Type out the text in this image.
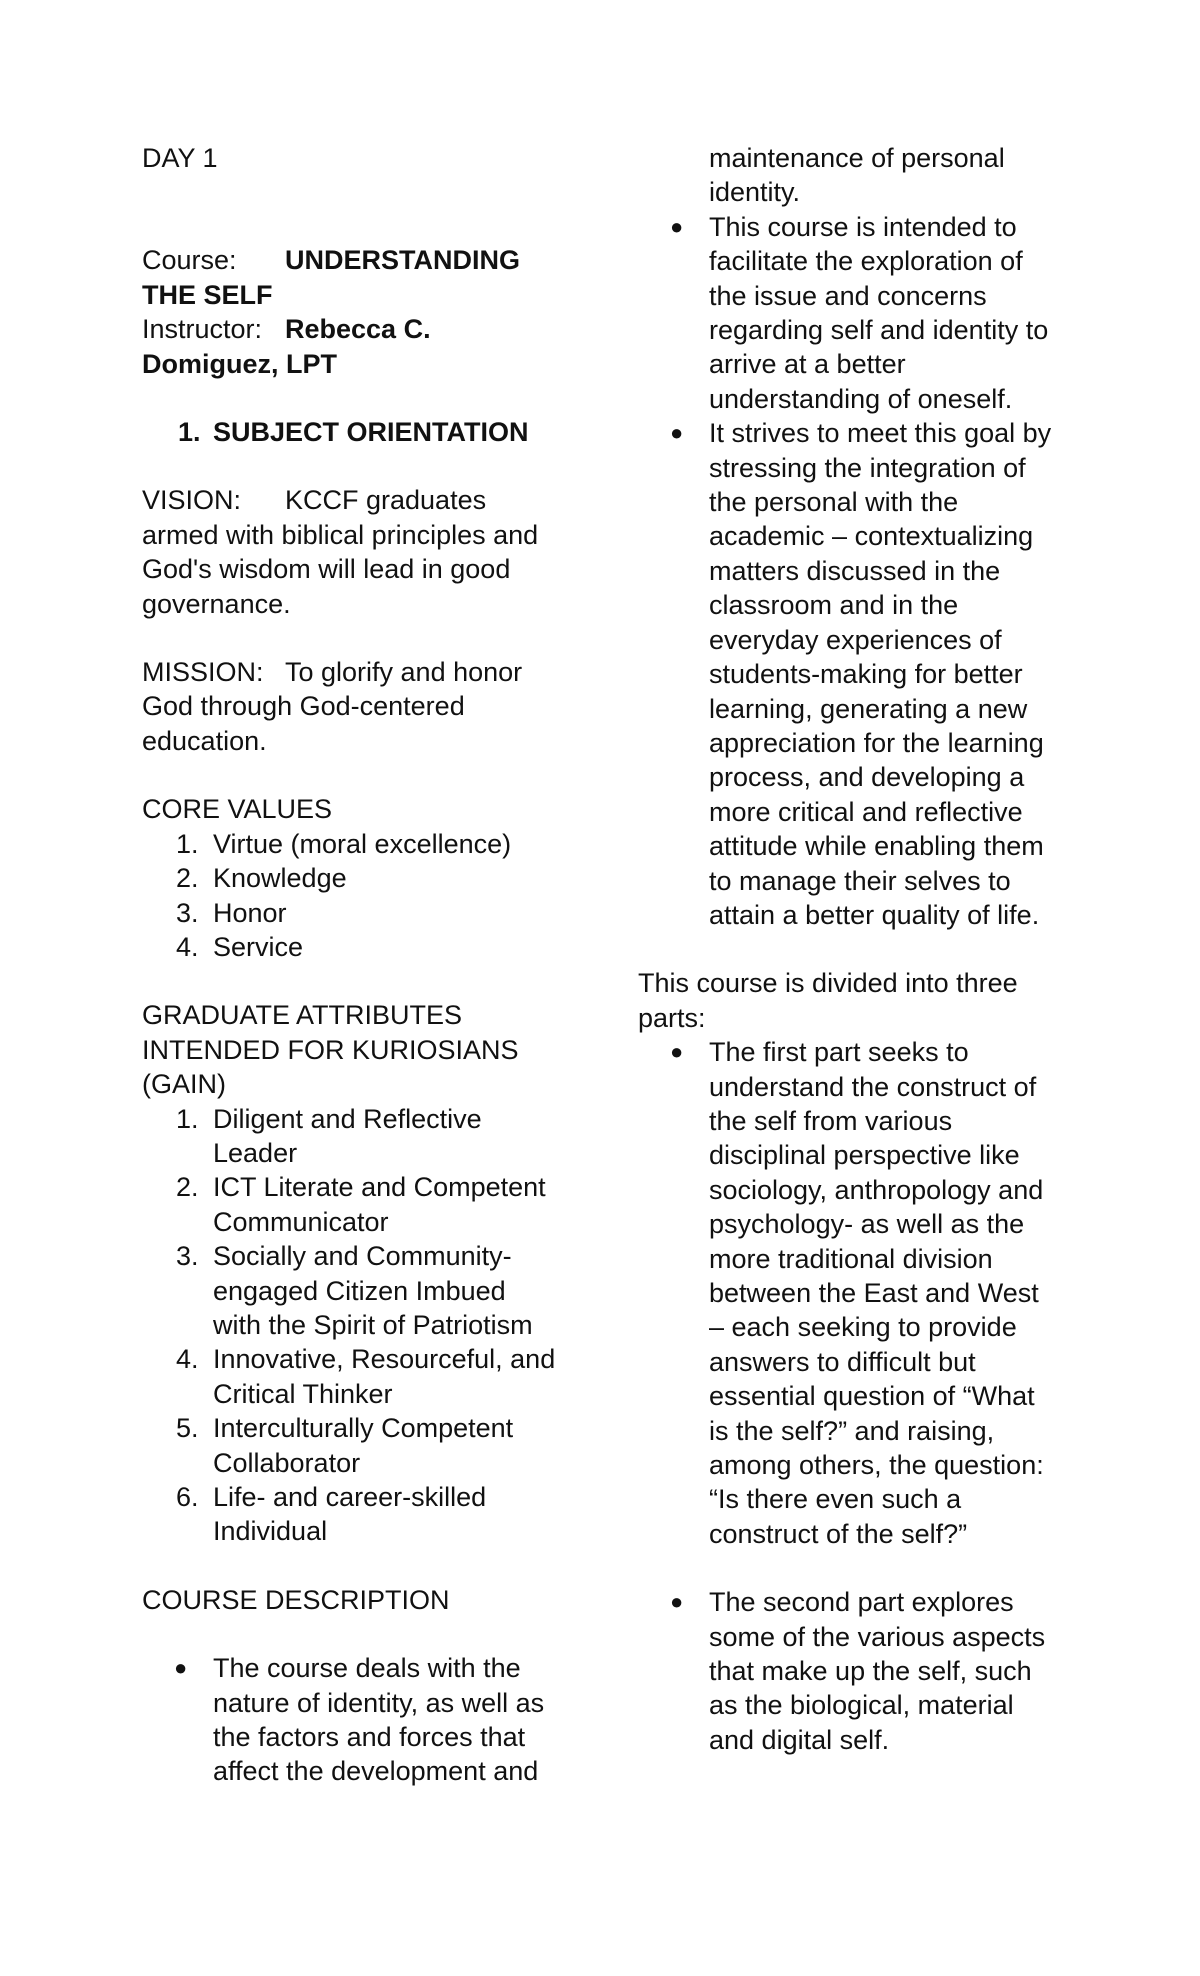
DAY 1

Course: UNDERSTANDING

THE SELF

Instructor: Rebecca C.

Domiguez, LPT

1. SUBJECT ORIENTATION

VISION: KCCF graduates

armed with biblical principles and

God's wisdom will lead in good

governance.

MISSION: To glorify and honor

God through God-centered

education.

CORE VALUES

1. Virtue (moral excellence)
2. Knowledge
3. Honor
4. Service

GRADUATE ATTRIBUTES

INTENDED FOR KURIOSIANS

(GAIN)

1. Diligent and Reflective
Leader
2. ICT Literate and Competent
Communicator
3. Socially and Community-
engaged Citizen Imbued
with the Spirit of Patriotism
4. Innovative, Resourceful, and
Critical Thinker
5. Interculturally Competent
Collaborator
6. Life- and career-skilled
Individual

COURSE DESCRIPTION

● The course deals with the
nature of identity, as well as
the factors and forces that
affect the development and
maintenance of personal
identity.
● This course is intended to
facilitate the exploration of
the issue and concerns
regarding self and identity to
arrive at a better
understanding of oneself.
● It strives to meet this goal by
stressing the integration of
the personal with the
academic – contextualizing
matters discussed in the
classroom and in the
everyday experiences of
students-making for better
learning, generating a new
appreciation for the learning
process, and developing a
more critical and reflective
attitude while enabling them
to manage their selves to
attain a better quality of life.

This course is divided into three

parts:

● The first part seeks to
understand the construct of
the self from various
disciplinal perspective like
sociology, anthropology and
psychology- as well as the
more traditional division
between the East and West
– each seeking to provide
answers to difficult but
essential question of “What
is the self?” and raising,
among others, the question:
“Is there even such a
construct of the self?”
● The second part explores
some of the various aspects
that make up the self, such
as the biological, material
and digital self.
